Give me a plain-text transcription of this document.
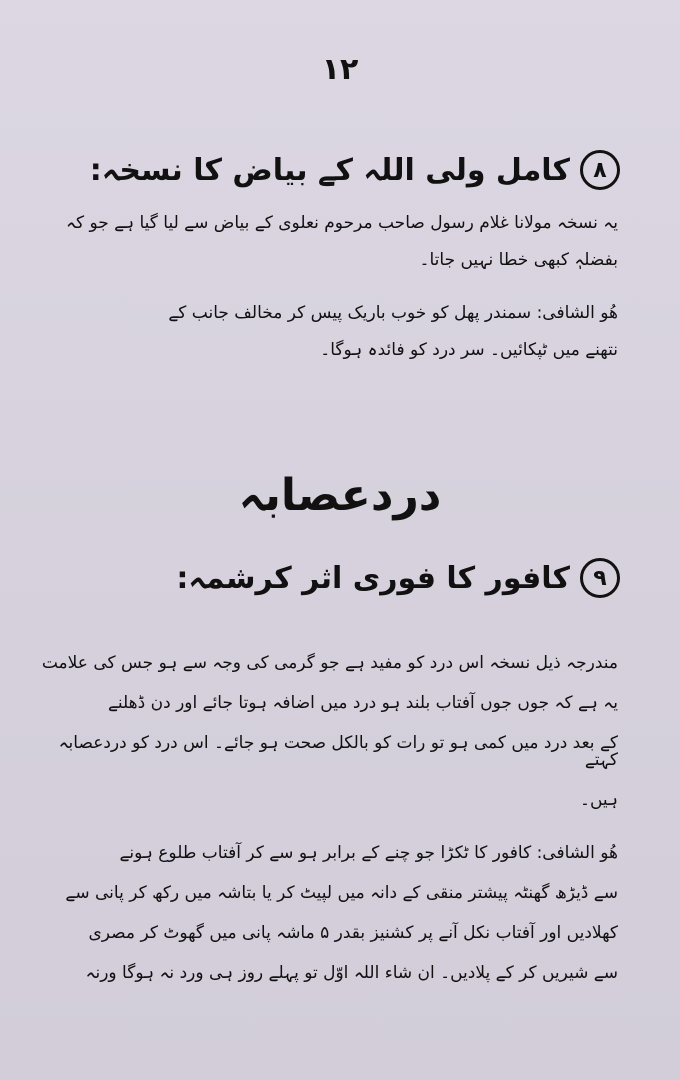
١٢
٨
کامل ولی اللہ کے بیاض کا نسخہ:

یہ نسخہ مولانا غلام رسول صاحب مرحوم نعلوی کے بیاض سے لیا گیا ہے جو کہ

بفضلہٖ کبھی خطا نہیں جاتا۔

ھُو الشافی: سمندر پھل کو خوب باریک پیس کر مخالف جانب کے

نتھنے میں ٹپکائیں۔ سر درد کو فائدہ ہوگا۔

دردعصابہ
٩
کافور کا فوری اثر کرشمہ:

مندرجہ ذیل نسخہ اس درد کو مفید ہے جو گرمی کی وجہ سے ہو جس کی علامت

یہ ہے کہ جوں جوں آفتاب بلند ہو درد میں اضافہ ہوتا جائے اور دن ڈھلنے

کے بعد درد میں کمی ہو تو رات کو بالکل صحت ہو جائے۔ اس درد کو دردعصابہ کہتے

ہیں۔

ھُو الشافی: کافور کا ٹکڑا جو چنے کے برابر ہو سے کر آفتاب طلوع ہونے

سے ڈیڑھ گھنٹہ پیشتر منقی کے دانہ میں لپیٹ کر یا بتاشہ میں رکھ کر پانی سے

کھلادیں اور آفتاب نکل آنے پر کشنیز بقدر ۵ ماشہ پانی میں گھوٹ کر مصری

سے شیریں کر کے پلادیں۔ ان شاء اللہ اوّل تو پہلے روز ہی ورد نہ ہوگا ورنہ
